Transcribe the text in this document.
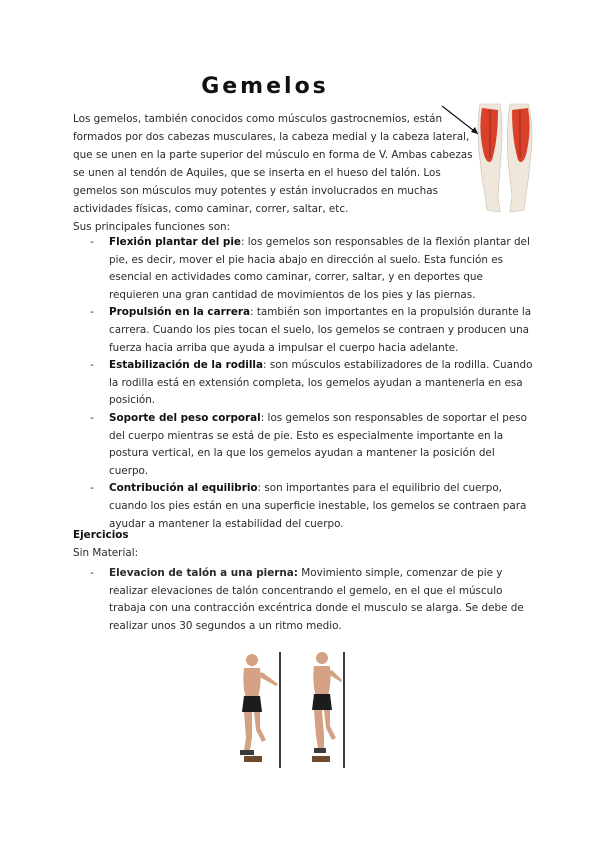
Gemelos

Los gemelos, también conocidos como músculos gastrocnemios, están formados por dos cabezas musculares, la cabeza medial y la cabeza lateral, que se unen en la parte superior del músculo en forma de V. Ambas cabezas se unen al tendón de Aquiles, que se inserta en el hueso del talón. Los gemelos son músculos muy potentes y están involucrados en muchas actividades físicas, como caminar, correr, saltar, etc.

Sus principales funciones son:

- Flexión plantar del pie: los gemelos son responsables de la flexión plantar del pie, es decir, mover el pie hacia abajo en dirección al suelo. Esta función es esencial en actividades como caminar, correr, saltar, y en deportes que requieren una gran cantidad de movimientos de los pies y las piernas.
- Propulsión en la carrera: también son importantes en la propulsión durante la carrera. Cuando los pies tocan el suelo, los gemelos se contraen y producen una fuerza hacia arriba que ayuda a impulsar el cuerpo hacia adelante.
- Estabilización de la rodilla: son músculos estabilizadores de la rodilla. Cuando la rodilla está en extensión completa, los gemelos ayudan a mantenerla en esa posición.
- Soporte del peso corporal: los gemelos son responsables de soportar el peso del cuerpo mientras se está de pie. Esto es especialmente importante en la postura vertical, en la que los gemelos ayudan a mantener la posición del cuerpo.
- Contribución al equilibrio: son importantes para el equilibrio del cuerpo, cuando los pies están en una superficie inestable, los gemelos se contraen para ayudar a mantener la estabilidad del cuerpo.
Ejercicios
Sin Material:
- Elevacion de talón a una pierna: Movimiento simple, comenzar de pie y realizar elevaciones de talón concentrando el gemelo, en el que el músculo trabaja con una contracción excéntrica donde el musculo se alarga. Se debe de realizar unos 30 segundos a un ritmo medio.
